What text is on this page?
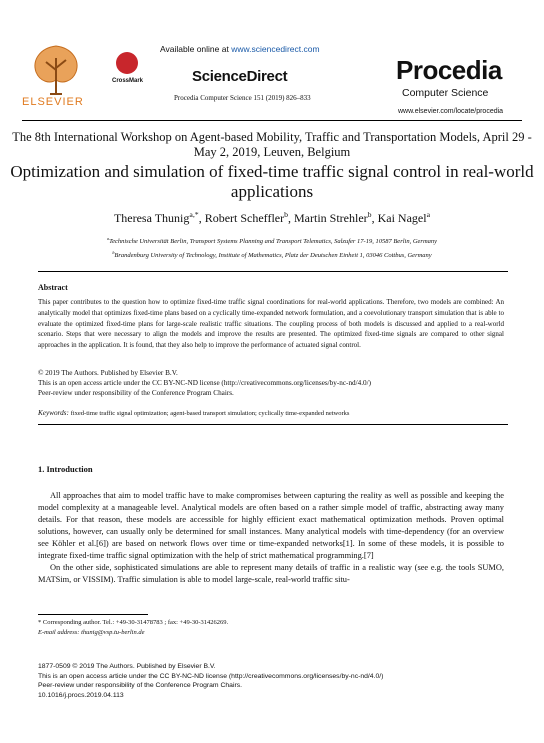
ELSEVIER
CrossMark
Available online at www.sciencedirect.com
ScienceDirect
Procedia Computer Science 151 (2019) 826–833
Procedia
Computer Science
www.elsevier.com/locate/procedia
The 8th International Workshop on Agent-based Mobility, Traffic and Transportation Models, April 29 - May 2, 2019, Leuven, Belgium
Optimization and simulation of fixed-time traffic signal control in real-world applications
Theresa Thunig$^{a,*}$, Robert Scheffler$^b$, Martin Strehler$^b$, Kai Nagel$^a$
$^a$Technische Universität Berlin, Transport Systems Planning and Transport Telematics, Salzufer 17-19, 10587 Berlin, Germany
$^b$Brandenburg University of Technology, Institute of Mathematics, Platz der Deutschen Einheit 1, 03046 Cottbus, Germany
Abstract
This paper contributes to the question how to optimize fixed-time traffic signal coordinations for real-world applications. Therefore, two models are combined: An analytically model that optimizes fixed-time plans based on a cyclically time-expanded network formulation, and a coevolutionary transport simulation that is able to evaluate the optimized fixed-time plans for large-scale realistic traffic situations. The coupling process of both models is discussed and applied to a real-world scenario. Steps that were necessary to align the models and improve the results are presented. The optimized fixed-time signals are compared to other signal approaches in the application. It is found, that they also help to improve the performance of actuated signal control.
© 2019 The Authors. Published by Elsevier B.V.
This is an open access article under the CC BY-NC-ND license (http://creativecommons.org/licenses/by-nc-nd/4.0/)
Peer-review under responsibility of the Conference Program Chairs.
Keywords: fixed-time traffic signal optimization; agent-based transport simulation; cyclically time-expanded networks
1. Introduction

All approaches that aim to model traffic have to make compromises between capturing the reality as well as possible and keeping the model complexity at a manageable level. Analytical models are often based on a rather simple model of traffic, abstracting away many details. For that reason, these models are accessible for highly efficient exact mathematical optimization methods. Proven optimal solutions, however, can usually only be determined for small instances. Many analytical models with time-dependency (for an overview see Köhler et al.[6]) are based on network flows over time or time-expanded networks[1]. In some of these models, it is possible to integrate fixed-time traffic signal optimization with the help of strict mathematical programming.[7]

On the other side, sophisticated simulations are able to represent many details of traffic in a realistic way (see e.g. the tools SUMO, MATSim, or VISSIM). Traffic simulation is able to model large-scale, real-world traffic situ-

* Corresponding author. Tel.: +49-30-31478783 ; fax: +49-30-31426269.
E-mail address: thunig@vsp.tu-berlin.de
1877-0509 © 2019 The Authors. Published by Elsevier B.V.
This is an open access article under the CC BY-NC-ND license (http://creativecommons.org/licenses/by-nc-nd/4.0/)
Peer-review under responsibility of the Conference Program Chairs.
10.1016/j.procs.2019.04.113
